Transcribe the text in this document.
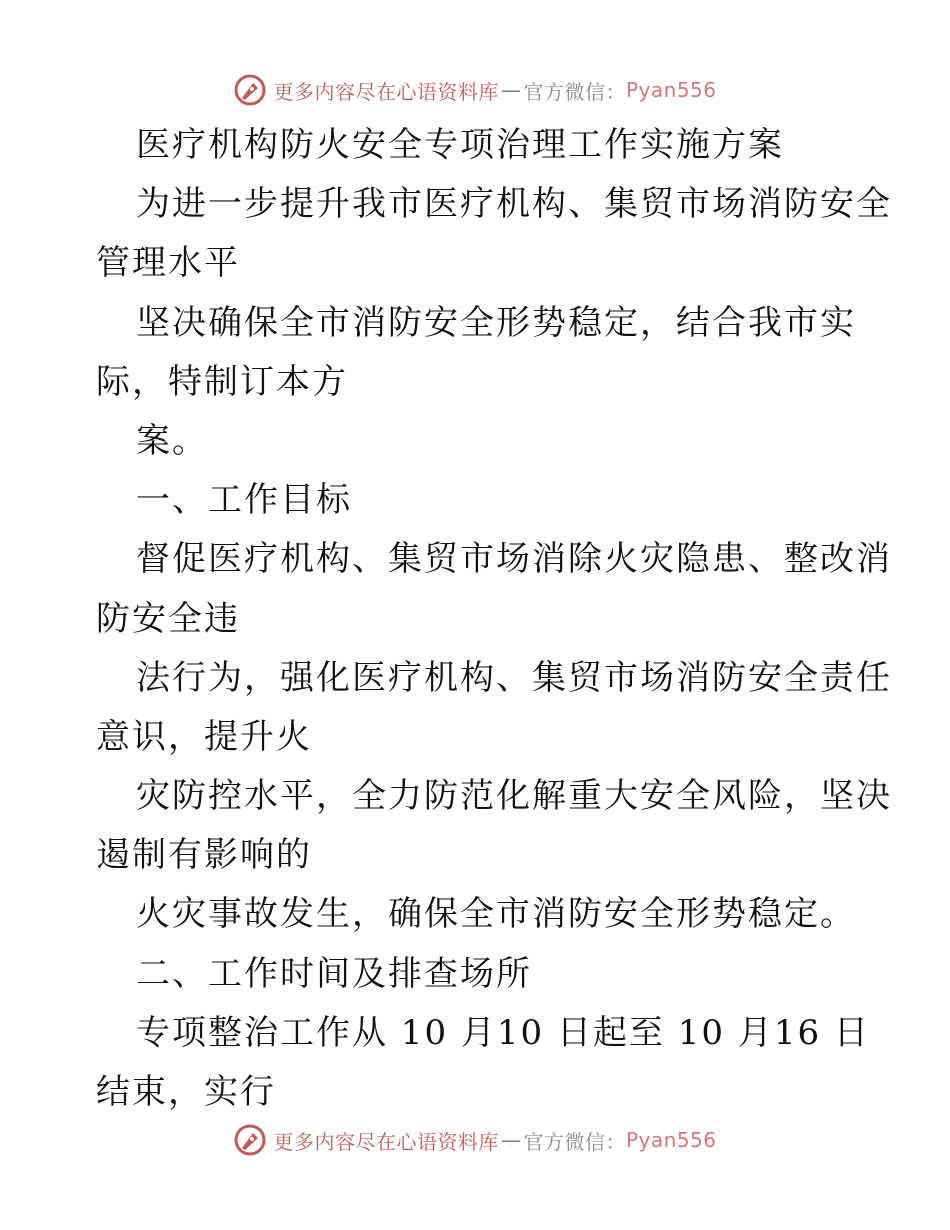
更多内容尽在心语资料库 — 官方微信： Pyan556
医疗机构防火安全专项治理工作实施方案
为进一步提升我市医疗机构、集贸市场消防安全
管理水平
坚决确保全市消防安全形势稳定，结合我市实
际，特制订本方
案。
一、工作目标
督促医疗机构、集贸市场消除火灾隐患、整改消
防安全违
法行为，强化医疗机构、集贸市场消防安全责任
意识，提升火
灾防控水平，全力防范化解重大安全风险，坚决
遏制有影响的
火灾事故发生，确保全市消防安全形势稳定。
二、工作时间及排查场所
专项整治工作从 10 月10 日起至 10 月16 日
结束，实行
更多内容尽在心语资料库 — 官方微信： Pyan556
